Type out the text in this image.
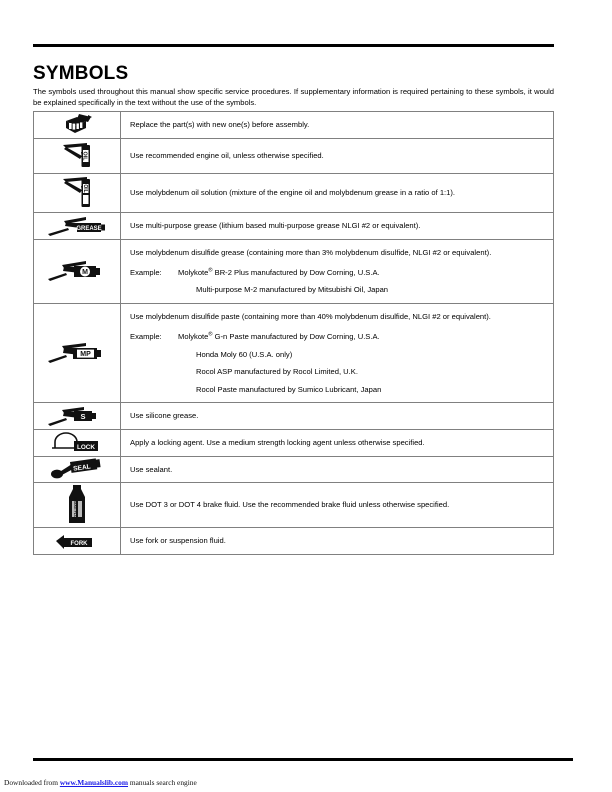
SYMBOLS

The symbols used throughout this manual show specific service procedures. If supplementary information is required pertaining to these symbols, it would be explained specifically in the text without the use of the symbols.

Replace the part(s) with new one(s) before assembly.

OIL	Use recommended engine oil, unless otherwise specified.

OIL	Use molybdenum oil solution (mixture of the engine oil and molybdenum grease in a ratio of 1:1).

GREASE	Use multi-purpose grease (lithium based multi-purpose grease NLGI #2 or equivalent).

M	Use molybdenum disulfide grease (containing more than 3% molybdenum disulfide, NLGI #2 or equivalent).

Example: Molykote® BR-2 Plus manufactured by Dow Corning, U.S.A.

Multi-purpose M-2 manufactured by Mitsubishi Oil, Japan

MP	Use molybdenum disulfide paste (containing more than 40% molybdenum disulfide, NLGI #2 or equivalent).

Example: Molykote® G-n Paste manufactured by Dow Corning, U.S.A.

Honda Moly 60 (U.S.A. only)

Rocol ASP manufactured by Rocol Limited, U.K.

Rocol Paste manufactured by Sumico Lubricant, Japan

S	Use silicone grease.

LOCK	Apply a locking agent. Use a medium strength locking agent unless otherwise specified.

SEAL	Use sealant.

BRAKE FLUID	Use DOT 3 or DOT 4 brake fluid. Use the recommended brake fluid unless otherwise specified.

FORK	Use fork or suspension fluid.

Downloaded from www.Manualslib.com manuals search engine
